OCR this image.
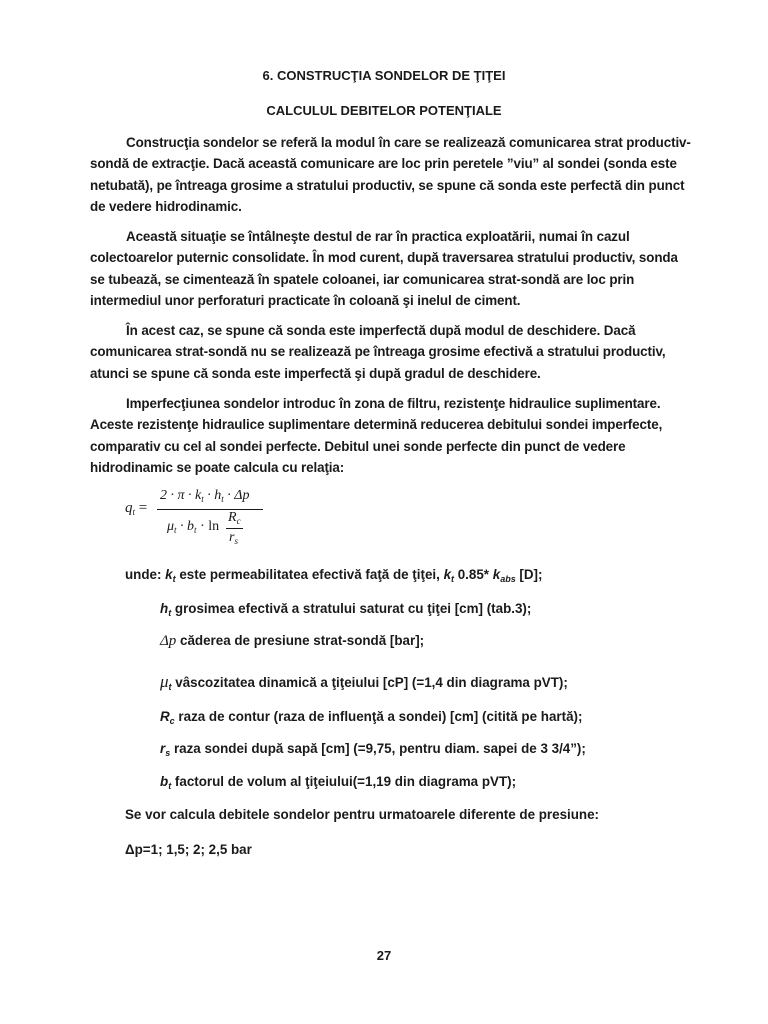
6. CONSTRUCŢIA SONDELOR DE ŢIŢEI
CALCULUL DEBITELOR POTENŢIALE
Construcţia sondelor se referă la modul în care se realizează comunicarea strat productiv-sondă de extracţie. Dacă această comunicare are loc prin peretele ”viu” al sondei (sonda este netubată), pe întreaga grosime a stratului productiv, se spune că sonda este perfectă din punct de vedere hidrodinamic.
Această situaţie se întâlneşte destul de rar în practica exploatării, numai în cazul colectoarelor puternic consolidate. În mod curent, după traversarea stratului productiv, sonda se tubează, se cimentează în spatele coloanei, iar comunicarea strat-sondă are loc prin intermediul unor perforaturi practicate în coloană şi inelul de ciment.
În acest caz, se spune că sonda este imperfectă după modul de deschidere. Dacă comunicarea strat-sondă nu se realizează pe întreaga grosime efectivă a stratului productiv, atunci se spune că sonda este imperfectă şi după gradul de deschidere.
Imperfecţiunea sondelor introduc în zona de filtru, rezistenţe hidraulice suplimentare. Aceste rezistenţe hidraulice suplimentare determină reducerea debitului sondei imperfecte, comparativ cu cel al sondei perfecte. Debitul unei sonde perfecte din punct de vedere hidrodinamic se poate calcula cu relaţia:
$q_t$ =
$2 \cdot \pi \cdot k_t \cdot h_t \cdot \Delta p$
$\mu_t \cdot b_t \cdot \ln$
$R_c$
$r_s$
unde: $k_t$ este permeabilitatea efectivă faţă de ţiţei, $k_t$ 0.85* $k_{abs}$ [D];
$h_t$ grosimea efectivă a stratului saturat cu ţiţei [cm] (tab.3);
Δp căderea de presiune strat-sondă [bar];
$\mu_t$ vâscozitatea dinamică a ţiţeiului [cP] (=1,4 din diagrama pVT);
$R_c$ raza de contur (raza de influenţă a sondei) [cm] (citită pe hartă);
$r_s$ raza sondei după sapă [cm] (=9,75, pentru diam. sapei de 3 3/4”);
$b_t$ factorul de volum al ţiţeiului(=1,19 din diagrama pVT);
Se vor calcula debitele sondelor pentru urmatoarele diferente de presiune:
Δp=1; 1,5; 2; 2,5 bar
27
